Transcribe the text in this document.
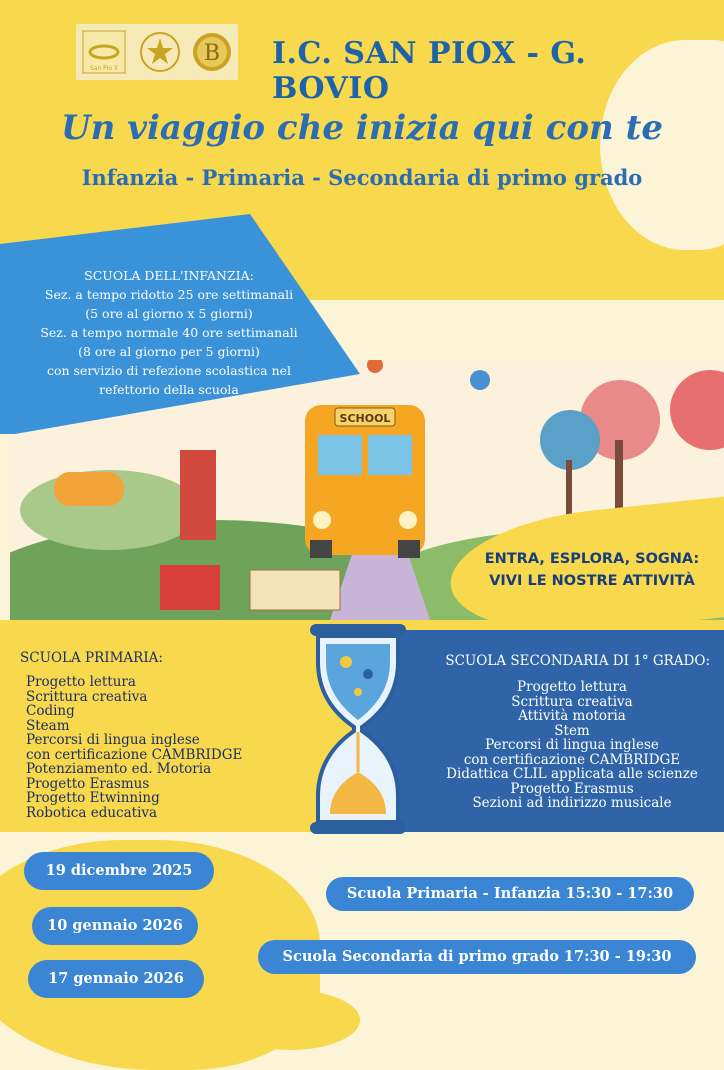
San Pio X
B I.C. SAN PIOX - G. BOVIO
Un viaggio che inizia qui con te
Infanzia - Primaria - Secondaria di primo grado
SCHOOL
SCUOLA DELL'INFANZIA:
Sez. a tempo ridotto 25 ore settimanali
(5 ore al giorno x 5 giorni)
Sez. a tempo normale 40 ore settimanali
(8 ore al giorno per 5 giorni)
con servizio di refezione scolastica nel
refettorio della scuola
ENTRA, ESPLORA, SOGNA:
VIVI LE NOSTRE ATTIVITÀ
SCUOLA PRIMARIA:
Progetto lettura
Scrittura creativa
Coding
Steam
Percorsi di lingua inglese
con certificazione CAMBRIDGE
Potenziamento ed. Motoria
Progetto Erasmus
Progetto Etwinning
Robotica educativa
SCUOLA SECONDARIA DI 1° GRADO:
Progetto lettura
Scrittura creativa
Attività motoria
Stem
Percorsi di lingua inglese
con certificazione CAMBRIDGE
Didattica CLIL applicata alle scienze
Progetto Erasmus
Sezioni ad indirizzo musicale
19 dicembre 2025
10 gennaio 2026
17 gennaio 2026
Scuola Primaria - Infanzia 15:30 - 17:30
Scuola Secondaria di primo grado 17:30 - 19:30
